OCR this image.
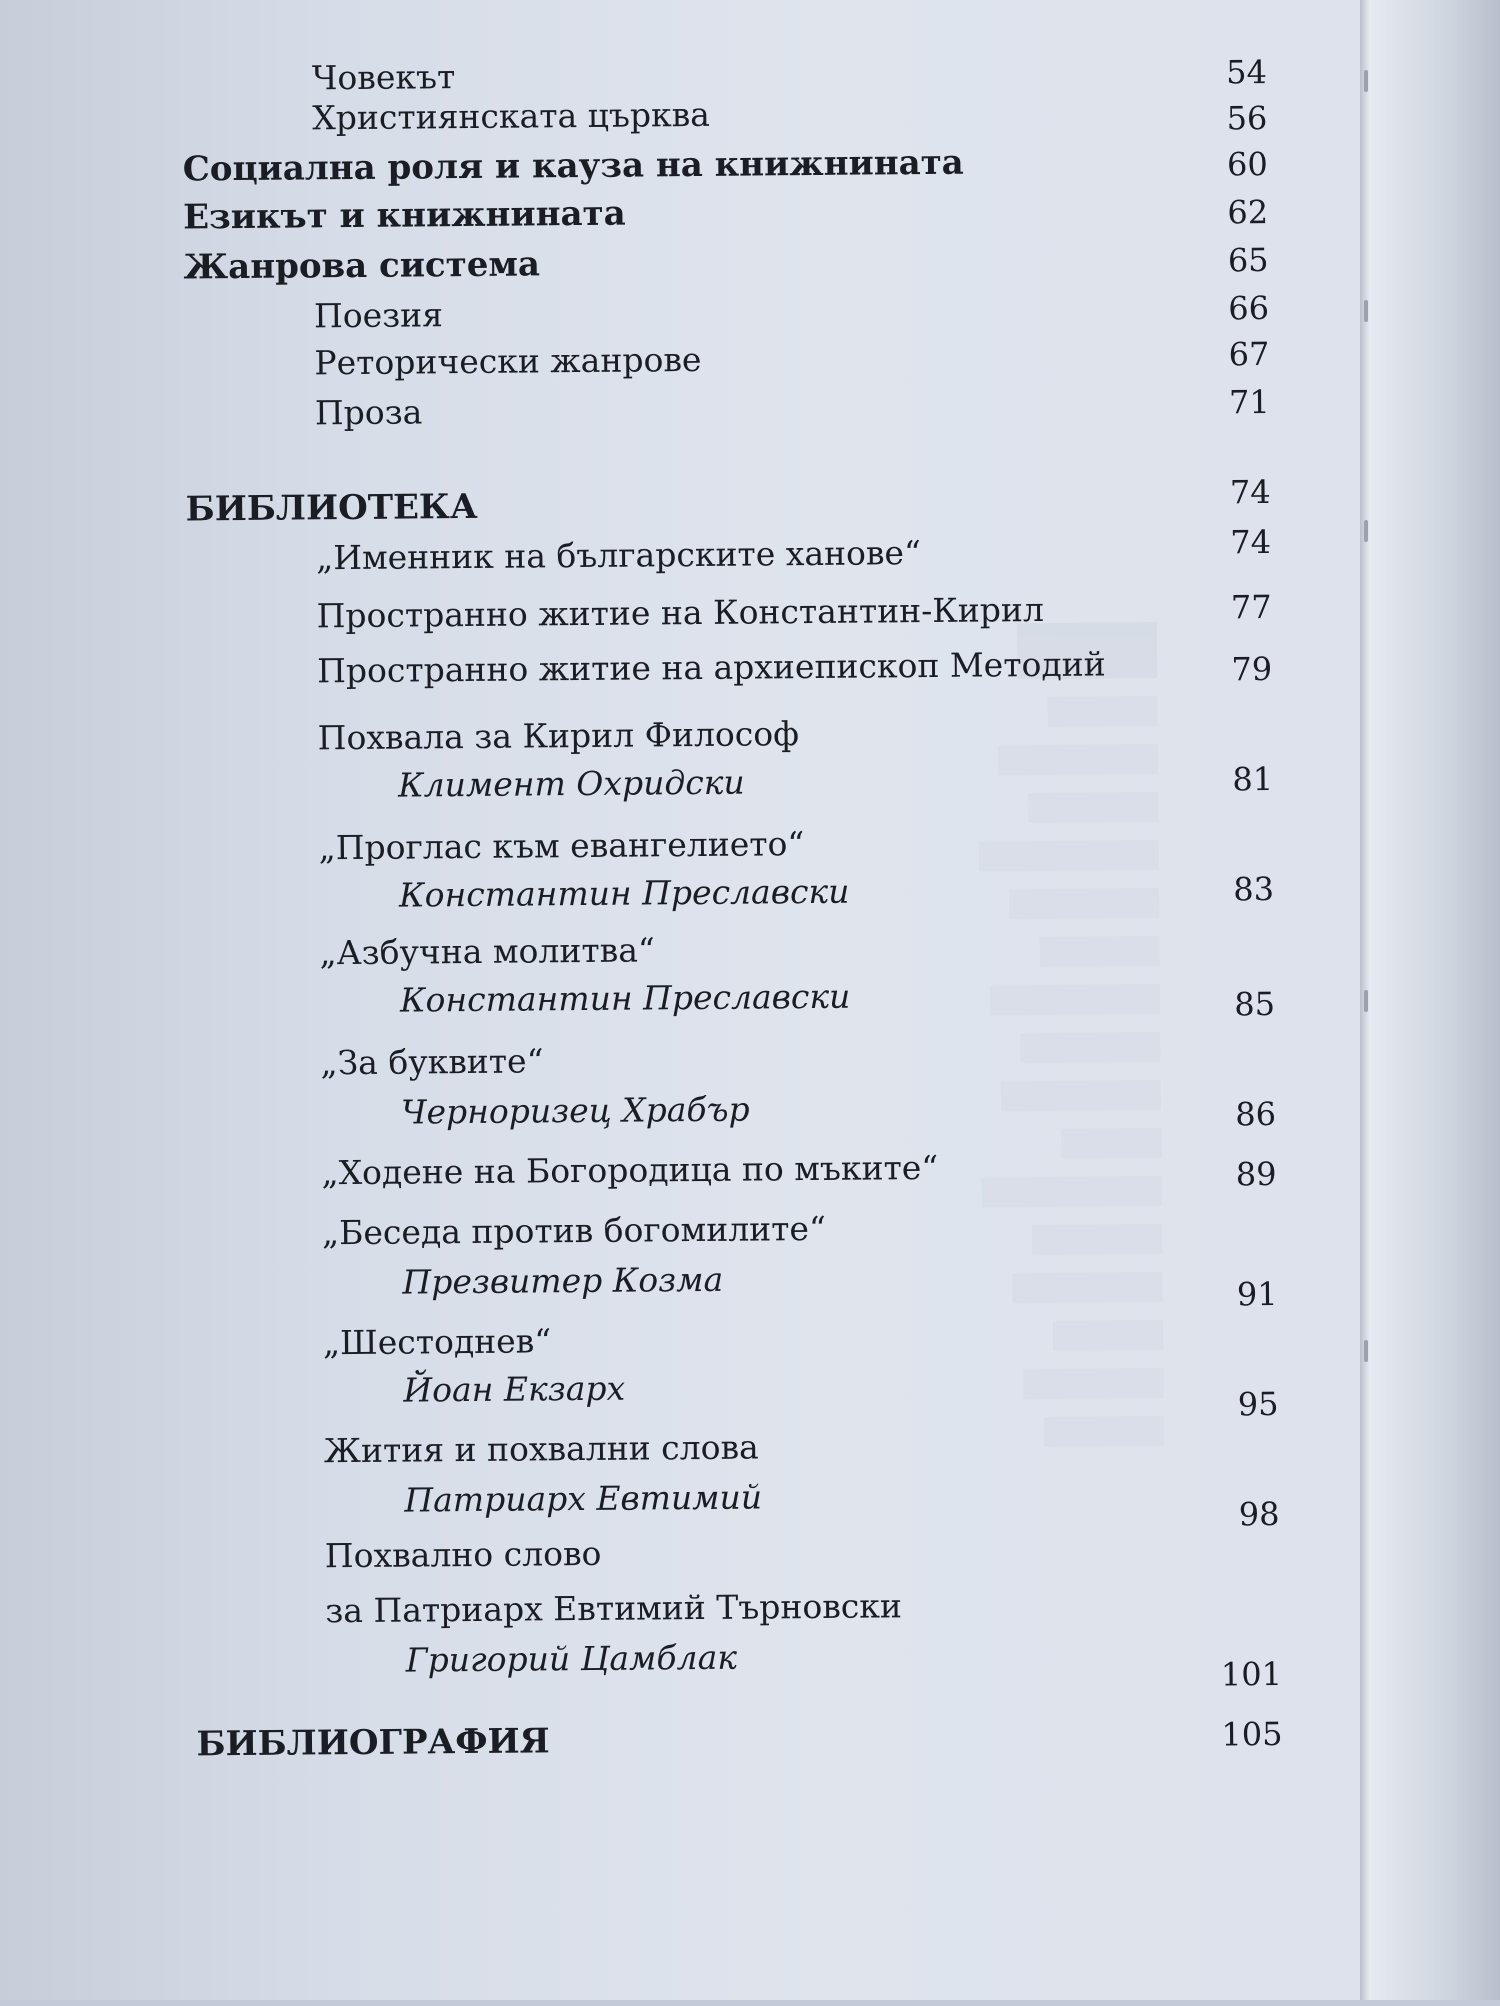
Човекът	54
Християнската църква	56
Социална роля и кауза на книжнината	60
Езикът и книжнината	62
Жанрова система	65
Поезия	66
Реторически жанрове	67
Проза	71
БИБЛИОТЕКА	74
„Именник на българските ханове“	74
Пространно житие на Константин-Кирил	77
Пространно житие на архиепископ Методий	79
Похвала за Кирил Философ
Климент Охридски	81
„Проглас към евангелието“
Константин Преславски	83
„Азбучна молитва“
Константин Преславски	85
„За буквите“
Черноризец Храбър	86
„Ходене на Богородица по мъките“	89
„Беседа против богомилите“
Презвитер Козма	91
„Шестоднев“
Йоан Екзарх	95
Жития и похвални слова
Патриарх Евтимий	98
Похвално слово
за Патриарх Евтимий Търновски
Григорий Цамблак	101
БИБЛИОГРАФИЯ	105
